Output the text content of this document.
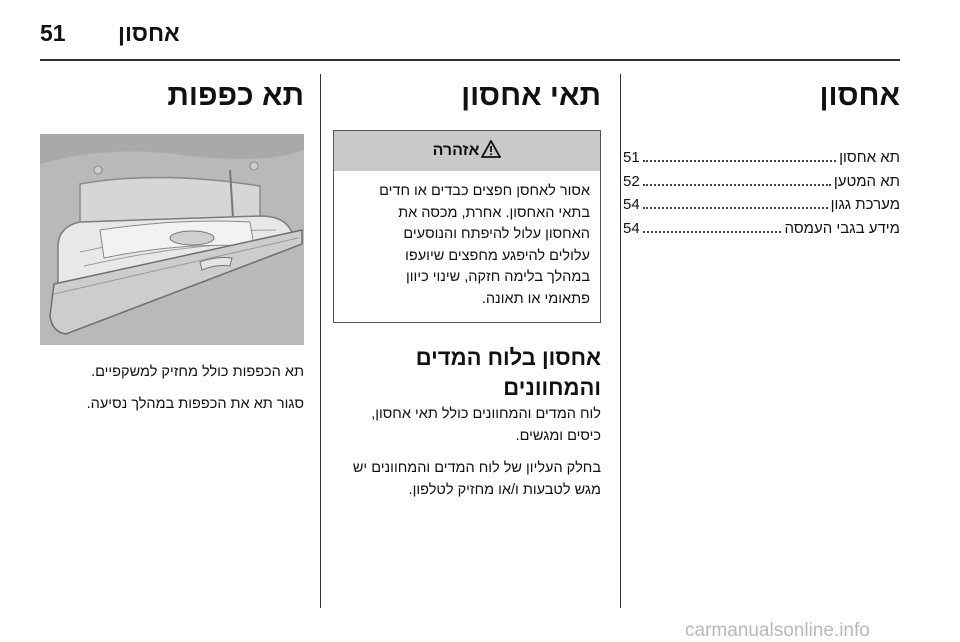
51 אחסון
אחסון
תא אחסון
51
תא המטען
52
מערכת גגון
54
מידע בגבי העמסה
54
תאי אחסון
אזהרה
אסור לאחסן חפצים כבדים או חדים
בתאי האחסון. אחרת, מכסה את
האחסון עלול להיפתח והנוסעים
עלולים להיפגע מחפצים שיועפו
במהלך בלימה חזקה, שינוי כיוון
פתאומי או תאונה.
אחסון בלוח המדים והמחוונים

לוח המדים והמחוונים כולל תאי אחסון,
כיסים ומגשים.

בחלק העליון של לוח המדים והמחוונים יש
מגש לטבעות ו/או מחזיק לטלפון.

תא כפפות

תא הכפפות כולל מחזיק למשקפיים.

סגור תא את הכפפות במהלך נסיעה.

carmanualsonline.info
